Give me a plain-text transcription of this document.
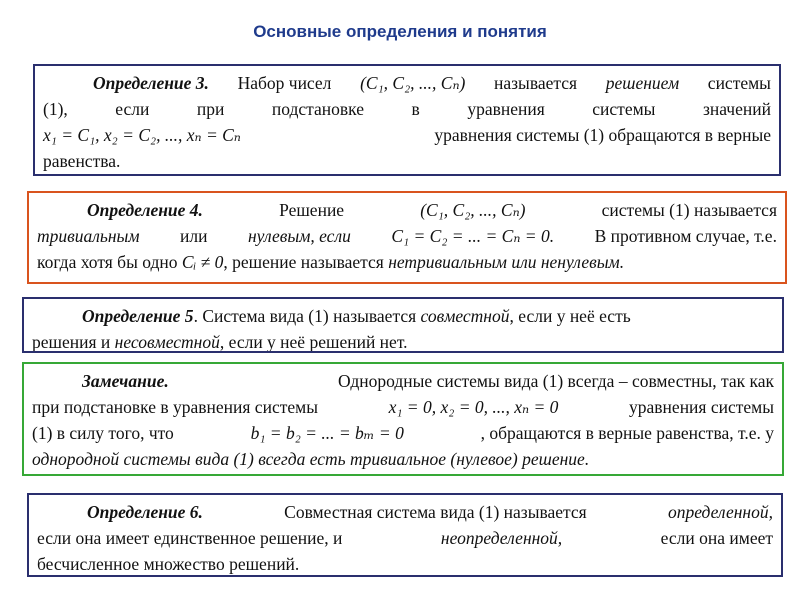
Основные определения и понятия
Определение 3. Набор чисел (C₁, C₂, ..., Cₙ) называется решением системы
(1),	если	при	подстановке	в	уравнения	системы	значений
x₁ = C₁, x₂ = C₂, ..., xₙ = Cₙ	уравнения системы (1) обращаются в верные
равенства.
Определение 4.	Решение	(C₁, C₂, ..., Cₙ)	системы (1) называется
тривиальным или нулевым, если C₁ = C₂ = ... = Cₙ = 0. В противном случае, т.е.
когда хотя бы одно
Cᵢ ≠ 0 , решение называется
нетривиальным или ненулевым.
Определение 5 . Система вида (1) называется
совместной , если у неё есть
решения и
несовместной , если у неё решений нет.
Замечание.	Однородные системы вида (1) всегда – совместны, так как
при подстановке в уравнения системы	x₁ = 0, x₂ = 0, ..., xₙ = 0	уравнения системы
(1) в силу того, что	b₁ = b₂ = ... = bₘ = 0	, обращаются в верные равенства, т.е. у
однородной системы вида (1) всегда есть тривиальное (нулевое) решение.
Определение 6.	Совместная система вида (1) называется	определенной,
если она имеет единственное решение, и	неопределенной,	если она имеет
бесчисленное множество решений.
